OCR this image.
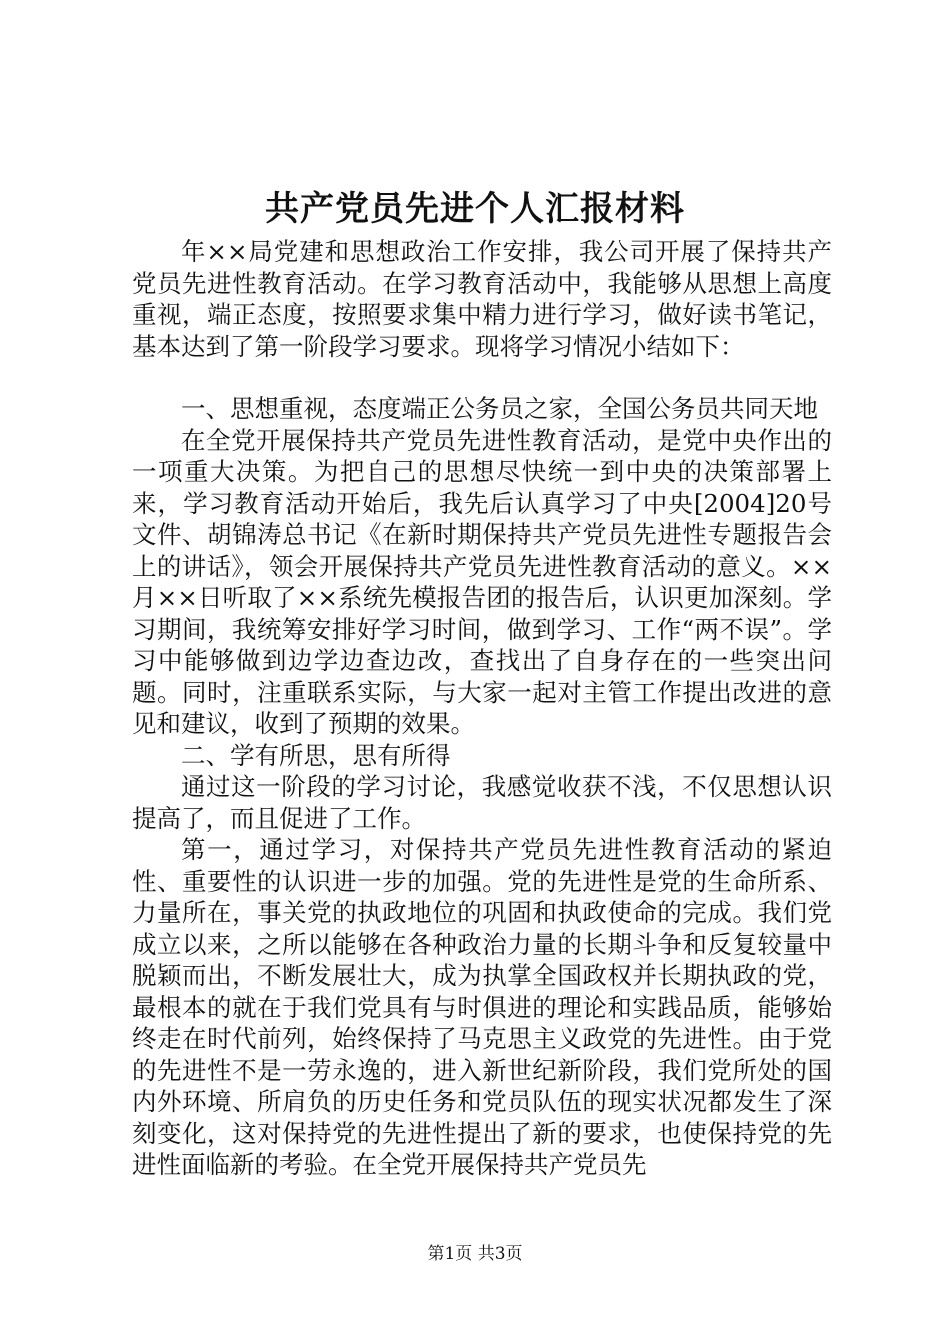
共产党员先进个人汇报材料

年××局党建和思想政治工作安排，我公司开展了保持共产党员先进性教育活动。在学习教育活动中，我能够从思想上高度重视，端正态度，按照要求集中精力进行学习，做好读书笔记，基本达到了第一阶段学习要求。现将学习情况小结如下：

一、思想重视，态度端正公务员之家，全国公务员共同天地

在全党开展保持共产党员先进性教育活动，是党中央作出的一项重大决策。为把自己的思想尽快统一到中央的决策部署上来，学习教育活动开始后，我先后认真学习了中央[2004]20号文件、胡锦涛总书记《在新时期保持共产党员先进性专题报告会上的讲话》，领会开展保持共产党员先进性教育活动的意义。××月××日听取了××系统先模报告团的报告后，认识更加深刻。学习期间，我统筹安排好学习时间，做到学习、工作“两不误”。学习中能够做到边学边查边改，查找出了自身存在的一些突出问题。同时，注重联系实际，与大家一起对主管工作提出改进的意见和建议，收到了预期的效果。

二、学有所思，思有所得

通过这一阶段的学习讨论，我感觉收获不浅，不仅思想认识提高了，而且促进了工作。

第一，通过学习，对保持共产党员先进性教育活动的紧迫性、重要性的认识进一步的加强。党的先进性是党的生命所系、力量所在，事关党的执政地位的巩固和执政使命的完成。我们党成立以来，之所以能够在各种政治力量的长期斗争和反复较量中脱颖而出，不断发展壮大，成为执掌全国政权并长期执政的党，最根本的就在于我们党具有与时俱进的理论和实践品质，能够始终走在时代前列，始终保持了马克思主义政党的先进性。由于党的先进性不是一劳永逸的，进入新世纪新阶段，我们党所处的国内外环境、所肩负的历史任务和党员队伍的现实状况都发生了深刻变化，这对保持党的先进性提出了新的要求，也使保持党的先进性面临新的考验。在全党开展保持共产党员先

第1页 共3页
